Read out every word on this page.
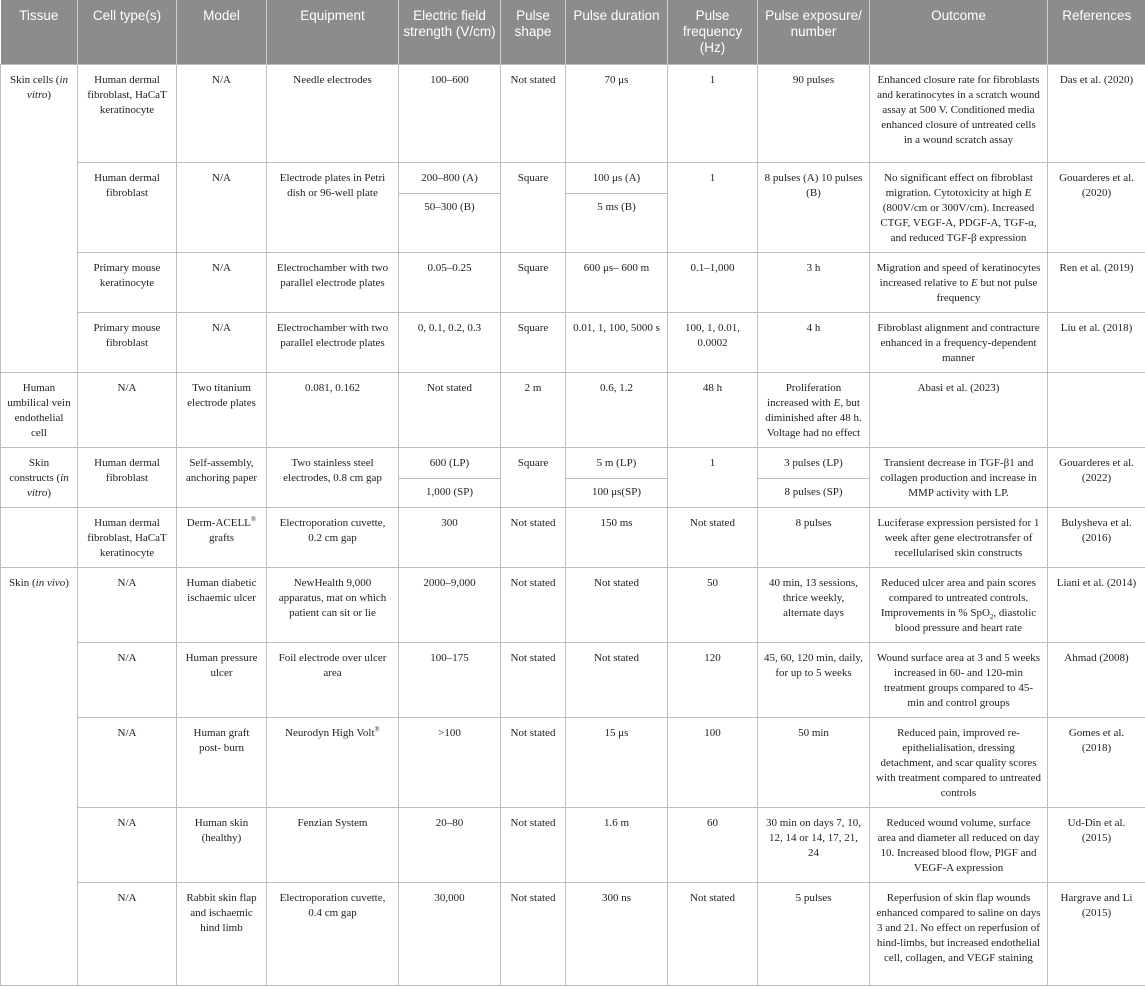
Tissue	Cell type(s)	Model	Equipment	Electric field strength (V/cm)	Pulse shape	Pulse duration	Pulse frequency (Hz)	Pulse exposure/ number	Outcome	References
Skin cells (in vitro)	Human dermal fibroblast, HaCaT keratinocyte	N/A	Needle electrodes	100–600	Not stated	70 μs	1	90 pulses	Enhanced closure rate for fibroblasts and keratinocytes in a scratch wound assay at 500 V. Conditioned media enhanced closure of untreated cells in a wound scratch assay	Das et al. (2020)
	Human dermal fibroblast	N/A	Electrode plates in Petri dish or 96-well plate	200–800 (A)	Square	100 μs (A)	1	8 pulses (A) 10 pulses (B)	No significant effect on fibroblast migration. Cytotoxicity at high E (800V/cm or 300V/cm). Increased CTGF, VEGF-A, PDGF-A, TGF-α, and reduced TGF-β expression	Gouarderes et al. (2020)
				50–300 (B)		5 ms (B)				
	Primary mouse keratinocyte	N/A	Electrochamber with two parallel electrode plates	0.05–0.25	Square	600 μs– 600 m	0.1–1,000	3 h	Migration and speed of keratinocytes increased relative to E but not pulse frequency	Ren et al. (2019)
	Primary mouse fibroblast	N/A	Electrochamber with two parallel electrode plates	0, 0.1, 0.2, 0.3	Square	0.01, 1, 100, 5000 s	100, 1, 0.01, 0.0002	4 h	Fibroblast alignment and contracture enhanced in a frequency-dependent manner	Liu et al. (2018)
Human umbilical vein endothelial cell	N/A	Two titanium electrode plates	0.081, 0.162	Not stated	2 m	0.6, 1.2	48 h	Proliferation increased with E, but diminished after 48 h. Voltage had no effect	Abasi et al. (2023)	
Skin constructs (in vitro)	Human dermal fibroblast	Self-assembly, anchoring paper	Two stainless steel electrodes, 0.8 cm gap	600 (LP)	Square	5 m (LP)	1	3 pulses (LP)	Transient decrease in TGF-β1 and collagen production and increase in MMP activity with LP.	Gouarderes et al. (2022)
				1,000 (SP)		100 μs(SP)		8 pulses (SP)		
	Human dermal fibroblast, HaCaT keratinocyte	Derm-ACELL® grafts	Electroporation cuvette, 0.2 cm gap	300	Not stated	150 ms	Not stated	8 pulses	Luciferase expression persisted for 1 week after gene electrotransfer of recellularised skin constructs	Bulysheva et al. (2016)
Skin (in vivo)	N/A	Human diabetic ischaemic ulcer	NewHealth 9,000 apparatus, mat on which patient can sit or lie	2000–9,000	Not stated	Not stated	50	40 min, 13 sessions, thrice weekly, alternate days	Reduced ulcer area and pain scores compared to untreated controls. Improvements in % SpO$_2$, diastolic blood pressure and heart rate	Liani et al. (2014)
	N/A	Human pressure ulcer	Foil electrode over ulcer area	100–175	Not stated	Not stated	120	45, 60, 120 min, daily, for up to 5 weeks	Wound surface area at 3 and 5 weeks increased in 60- and 120-min treatment groups compared to 45-min and control groups	Ahmad (2008)
	N/A	Human graft post- burn	Neurodyn High Volt®	>100	Not stated	15 μs	100	50 min	Reduced pain, improved re-epithelialisation, dressing detachment, and scar quality scores with treatment compared to untreated controls	Gomes et al. (2018)
	N/A	Human skin (healthy)	Fenzian System	20–80	Not stated	1.6 m	60	30 min on days 7, 10, 12, 14 or 14, 17, 21, 24	Reduced wound volume, surface area and diameter all reduced on day 10. Increased blood flow, PlGF and VEGF-A expression	Ud-Din et al. (2015)
	N/A	Rabbit skin flap and ischaemic hind limb	Electroporation cuvette, 0.4 cm gap	30,000	Not stated	300 ns	Not stated	5 pulses	Reperfusion of skin flap wounds enhanced compared to saline on days 3 and 21. No effect on reperfusion of hind-limbs, but increased endothelial cell, collagen, and VEGF staining	Hargrave and Li (2015)
